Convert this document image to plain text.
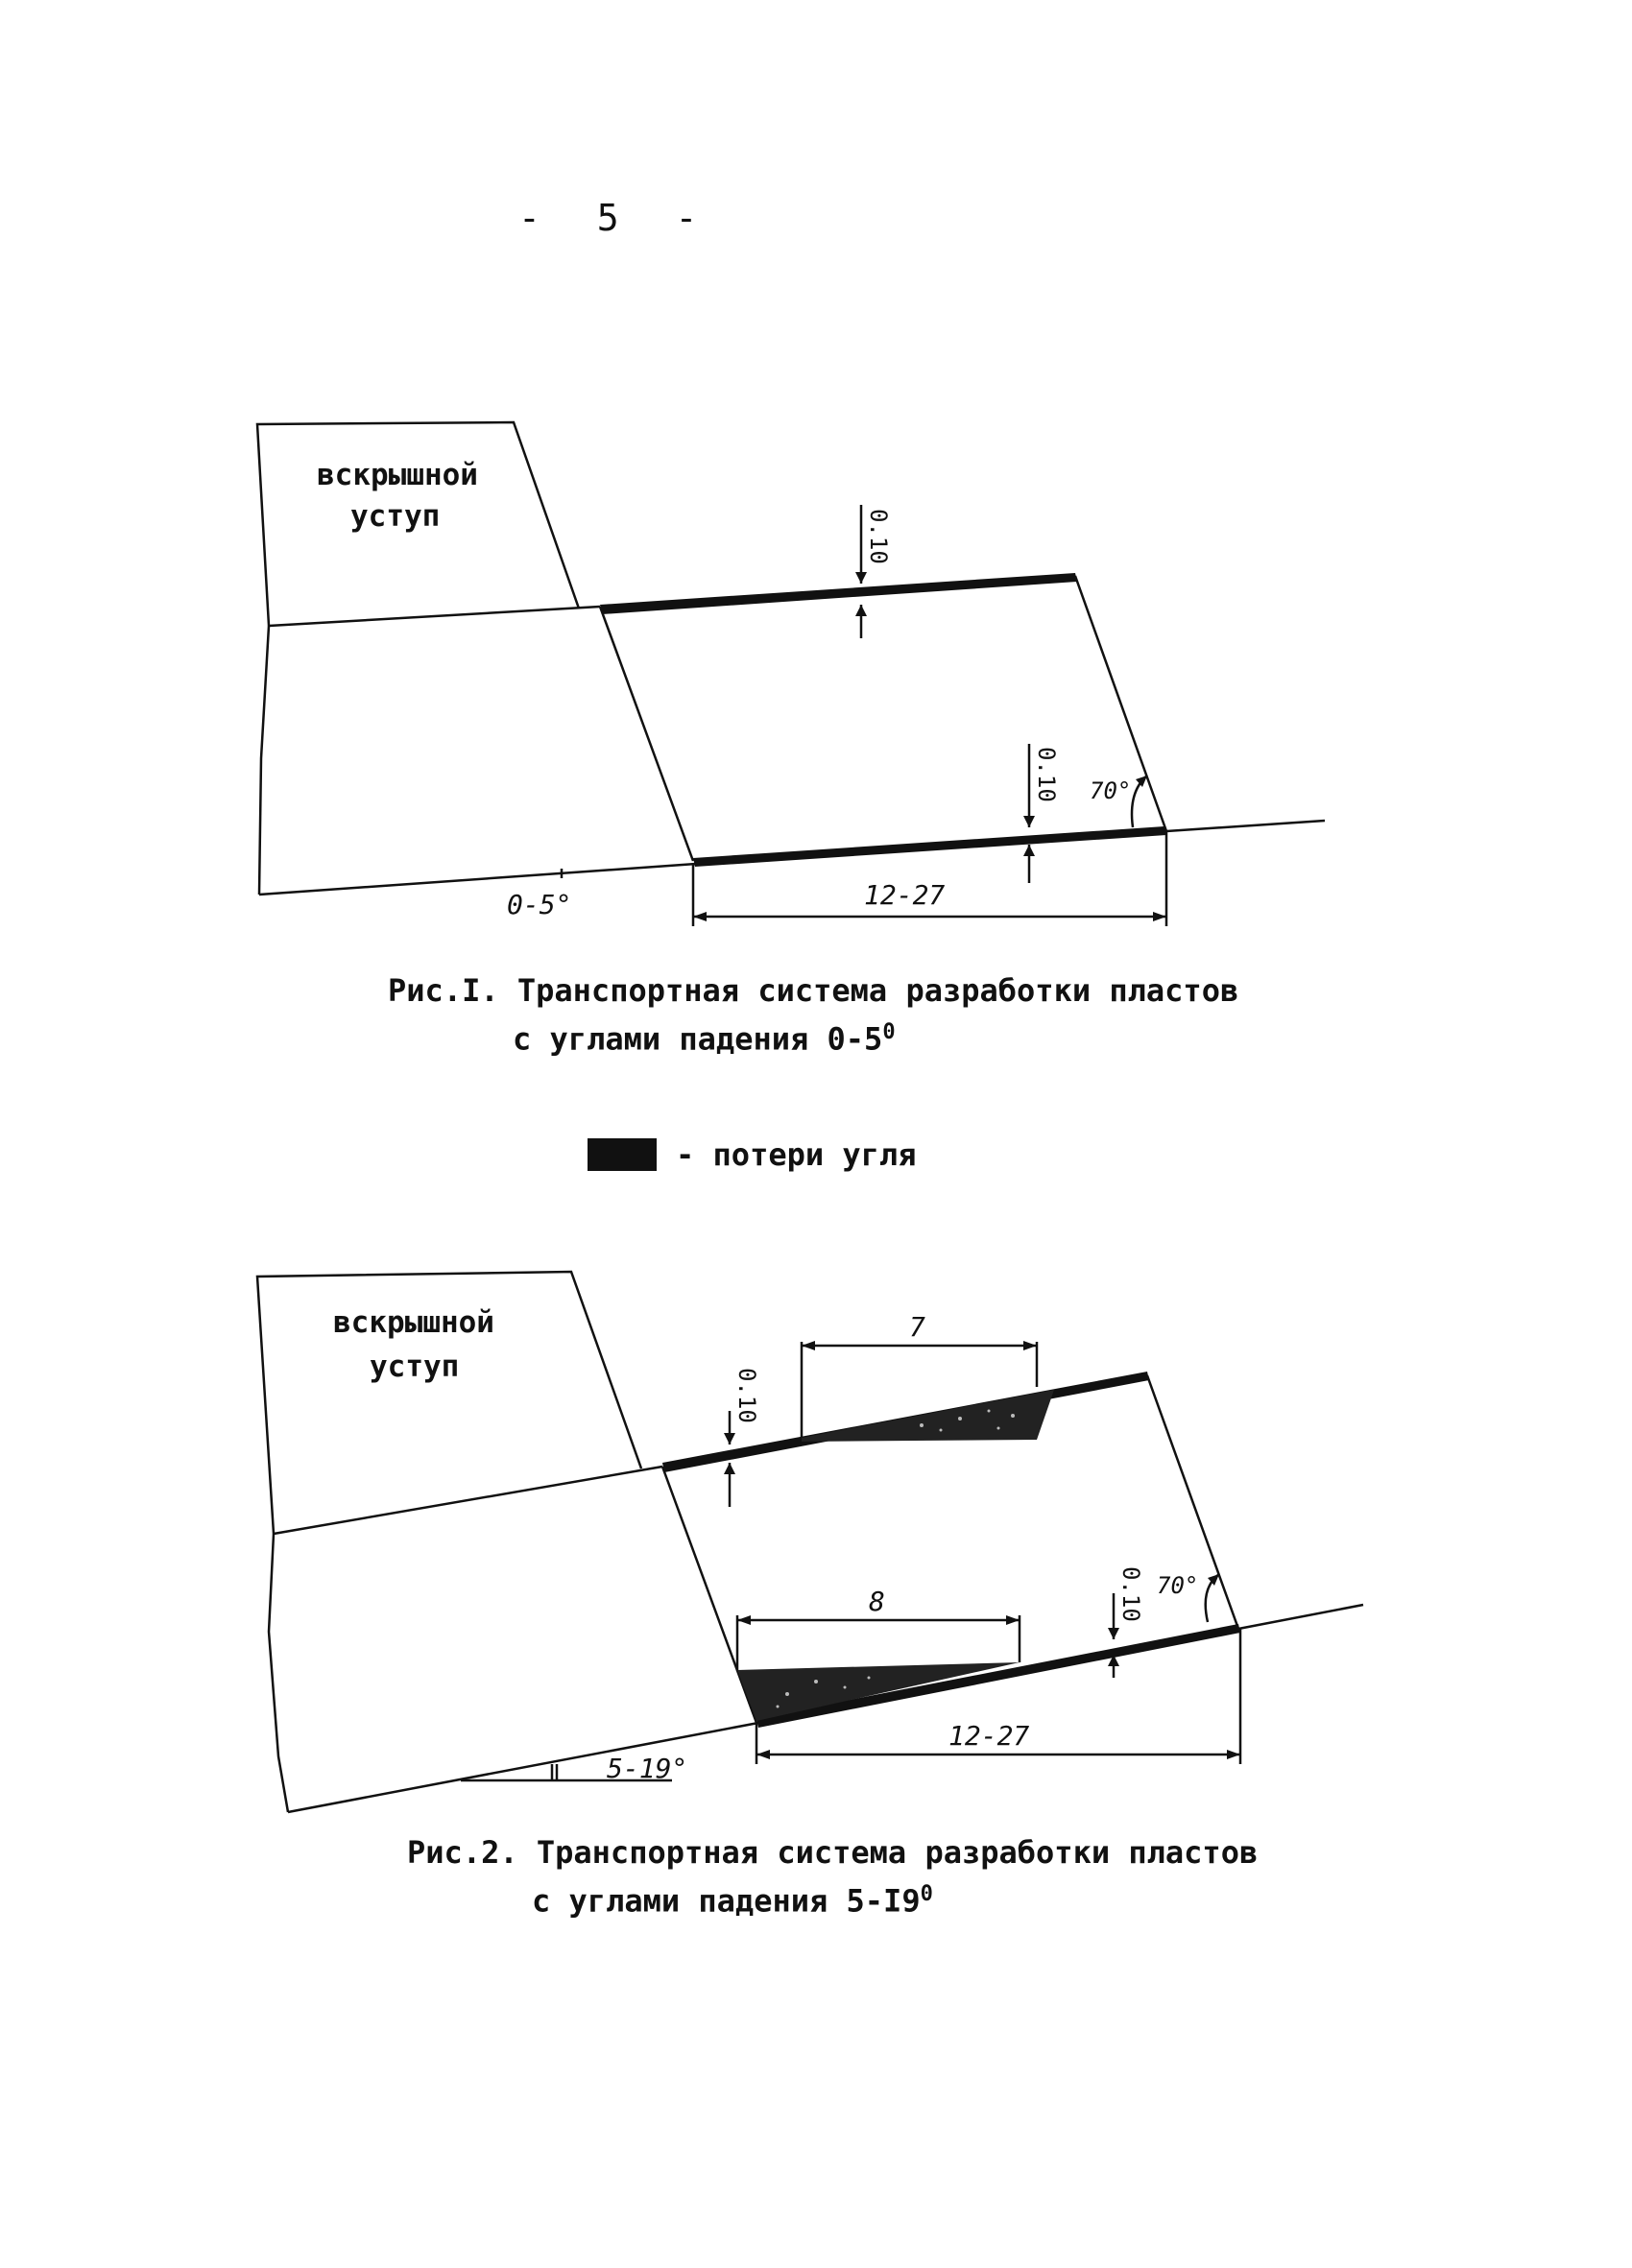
- 5 -
вскрышной
уступ	0.10
0.10 70°
0-5°	12-27
Рис.I. Транспортная система разработки пластов
с углами падения $0-5^0$
- потери угля
вскрышной
уступ
7
8
0.10
0.10 70°
5-19°
12-27
Рис.2. Транспортная система разработки пластов
с углами падения $5-I9^0$
